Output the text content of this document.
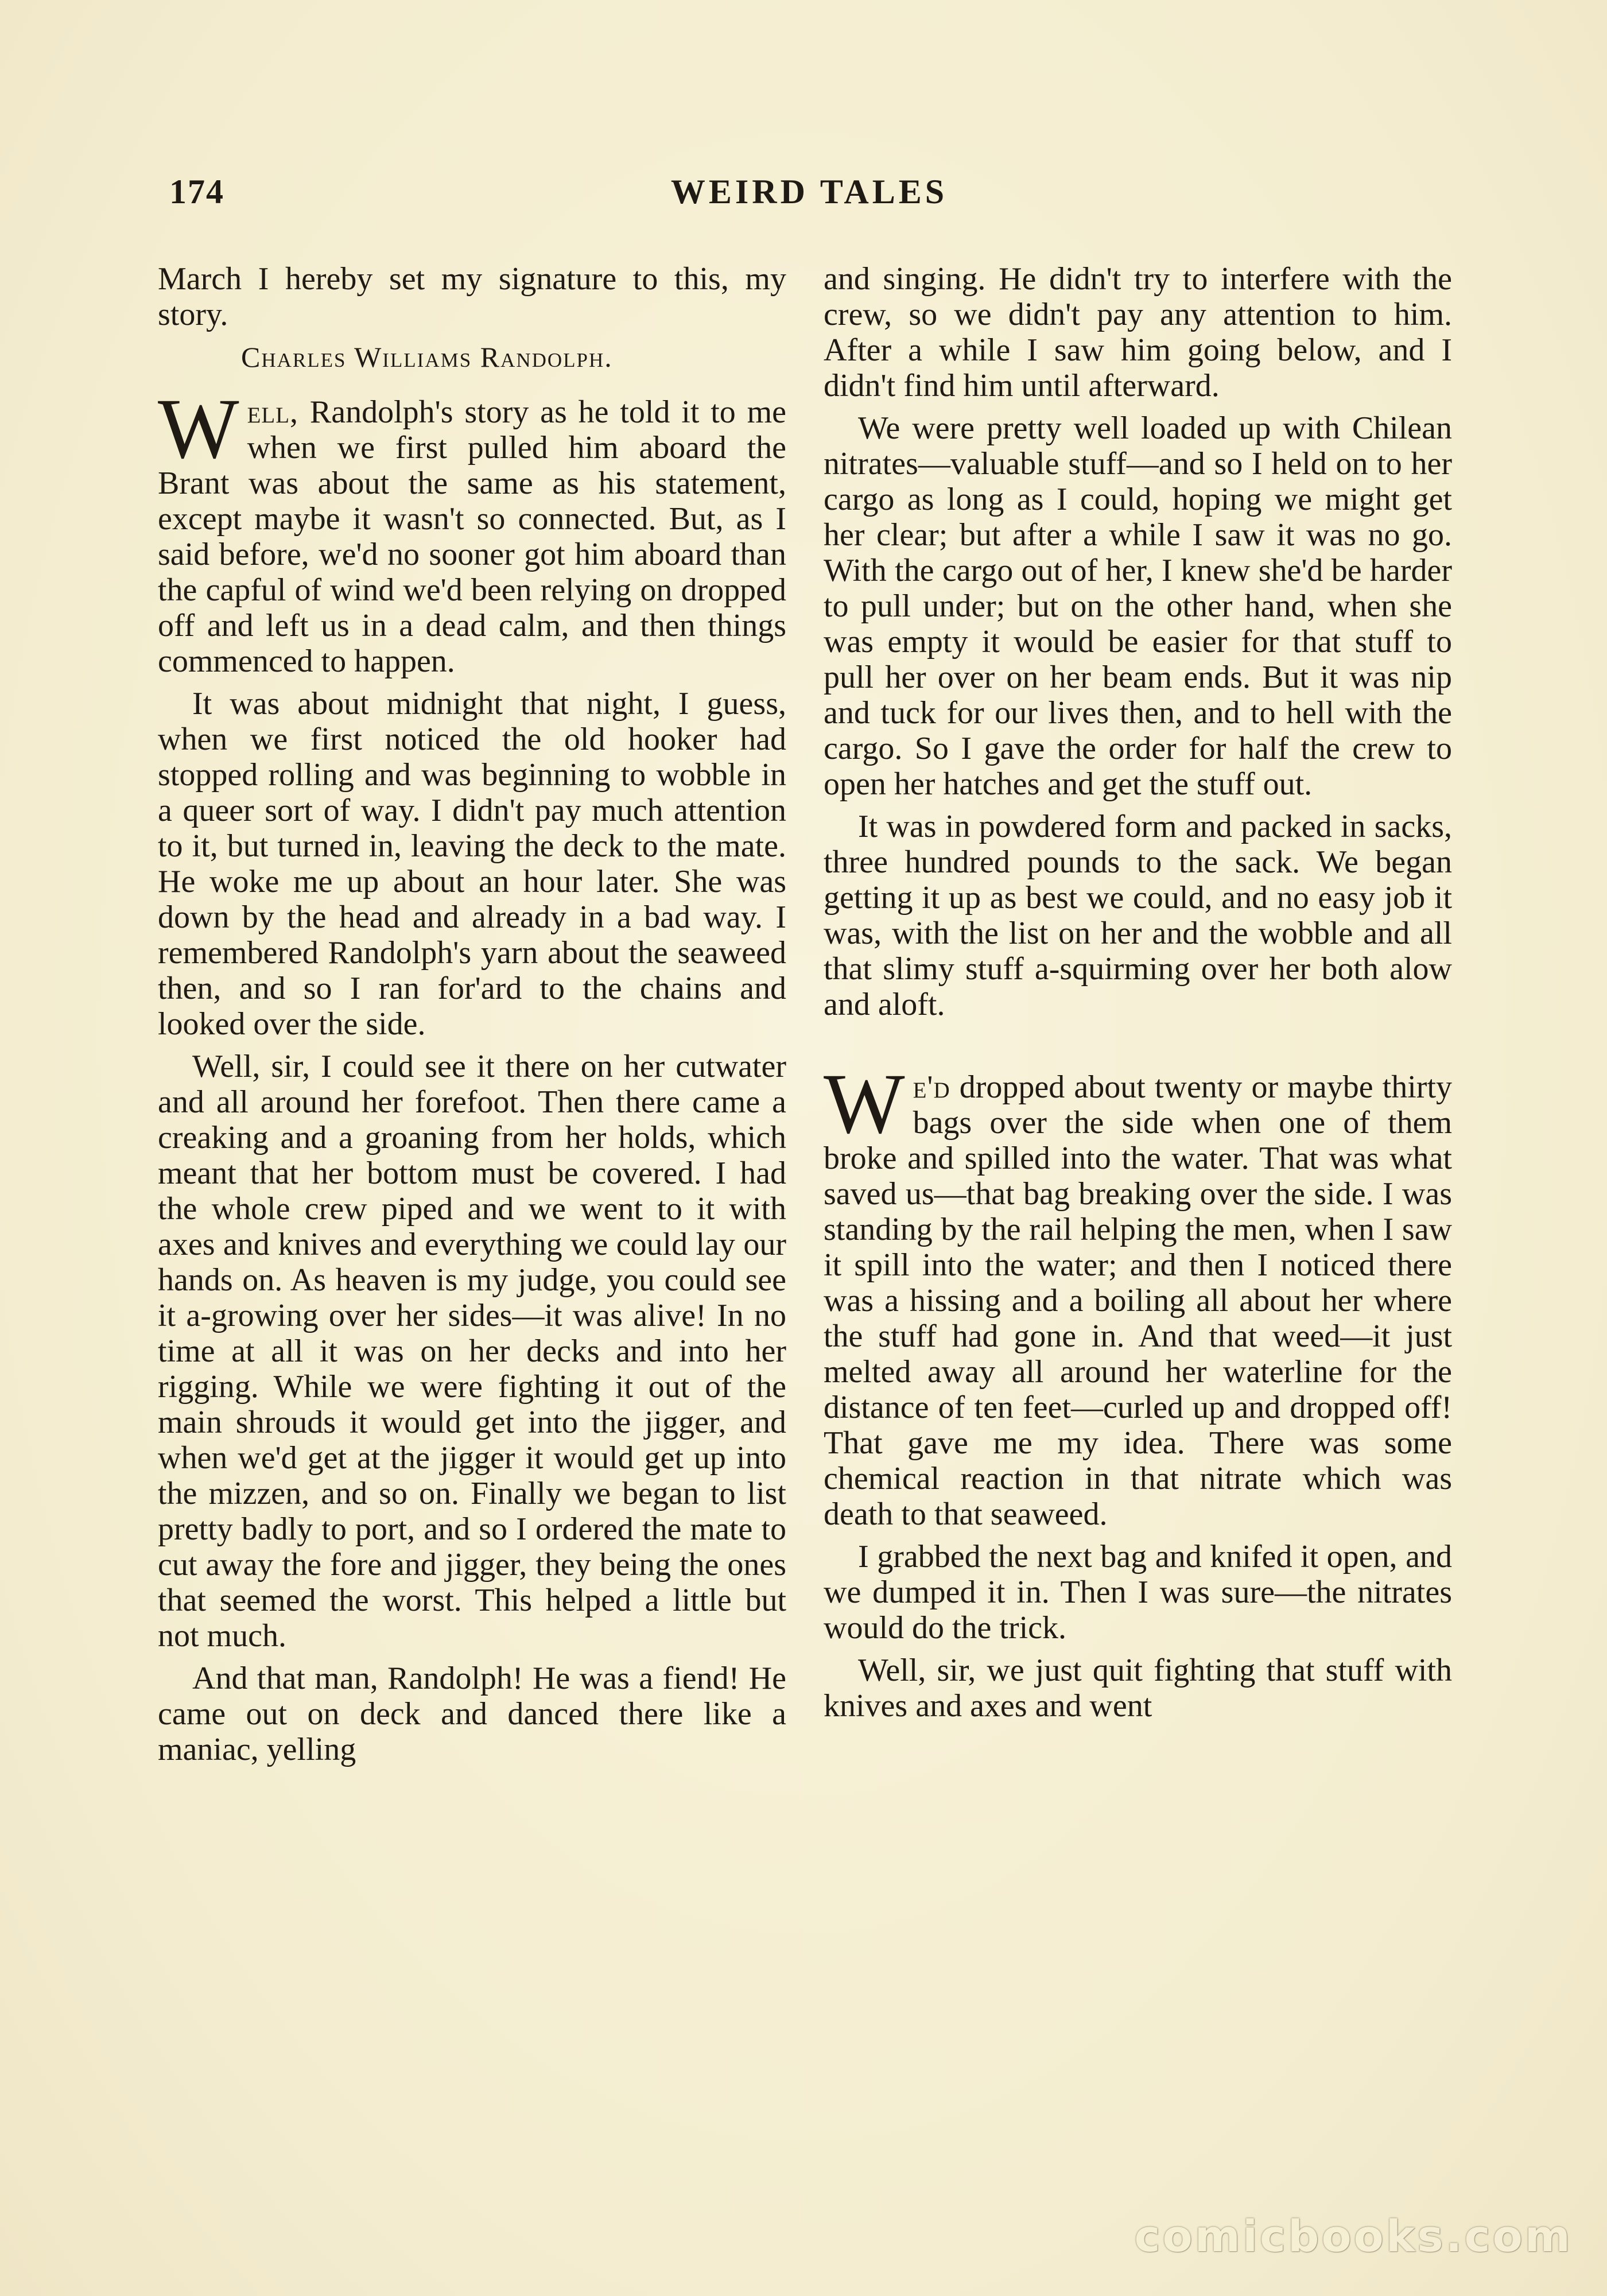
174	WEIRD TALES

March I hereby set my signature to this, my story.

Charles Williams Randolph.

Well, Randolph's story as he told it to me when we first pulled him aboard the Brant was about the same as his statement, except maybe it wasn't so connected. But, as I said before, we'd no sooner got him aboard than the capful of wind we'd been relying on dropped off and left us in a dead calm, and then things commenced to happen.

It was about midnight that night, I guess, when we first noticed the old hooker had stopped rolling and was beginning to wobble in a queer sort of way. I didn't pay much attention to it, but turned in, leaving the deck to the mate. He woke me up about an hour later. She was down by the head and already in a bad way. I remembered Randolph's yarn about the seaweed then, and so I ran for'ard to the chains and looked over the side.

Well, sir, I could see it there on her cutwater and all around her forefoot. Then there came a creaking and a groaning from her holds, which meant that her bottom must be covered. I had the whole crew piped and we went to it with axes and knives and everything we could lay our hands on. As heaven is my judge, you could see it a-growing over her sides—it was alive! In no time at all it was on her decks and into her rigging. While we were fighting it out of the main shrouds it would get into the jigger, and when we'd get at the jigger it would get up into the mizzen, and so on. Finally we began to list pretty badly to port, and so I ordered the mate to cut away the fore and jigger, they being the ones that seemed the worst. This helped a little but not much.

And that man, Randolph! He was a fiend! He came out on deck and danced there like a maniac, yelling

and singing. He didn't try to interfere with the crew, so we didn't pay any attention to him. After a while I saw him going below, and I didn't find him until afterward.

We were pretty well loaded up with Chilean nitrates—valuable stuff—and so I held on to her cargo as long as I could, hoping we might get her clear; but after a while I saw it was no go. With the cargo out of her, I knew she'd be harder to pull under; but on the other hand, when she was empty it would be easier for that stuff to pull her over on her beam ends. But it was nip and tuck for our lives then, and to hell with the cargo. So I gave the order for half the crew to open her hatches and get the stuff out.

It was in powdered form and packed in sacks, three hundred pounds to the sack. We began getting it up as best we could, and no easy job it was, with the list on her and the wobble and all that slimy stuff a-squirming over her both alow and aloft.

We'd dropped about twenty or maybe thirty bags over the side when one of them broke and spilled into the water. That was what saved us—that bag breaking over the side. I was standing by the rail helping the men, when I saw it spill into the water; and then I noticed there was a hissing and a boiling all about her where the stuff had gone in. And that weed—it just melted away all around her waterline for the distance of ten feet—curled up and dropped off! That gave me my idea. There was some chemical reaction in that nitrate which was death to that seaweed.

I grabbed the next bag and knifed it open, and we dumped it in. Then I was sure—the nitrates would do the trick.

Well, sir, we just quit fighting that stuff with knives and axes and went

comicbooks.com
